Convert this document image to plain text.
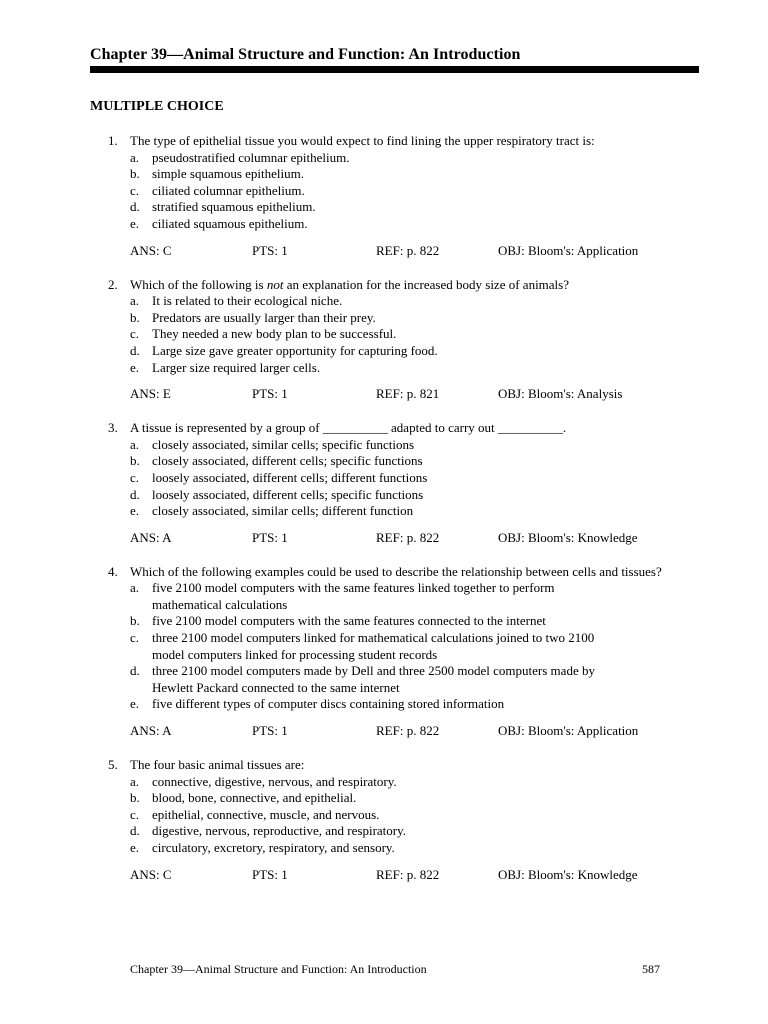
Chapter 39—Animal Structure and Function: An Introduction
MULTIPLE CHOICE
1. The type of epithelial tissue you would expect to find lining the upper respiratory tract is:
a. pseudostratified columnar epithelium.
b. simple squamous epithelium.
c. ciliated columnar epithelium.
d. stratified squamous epithelium.
e. ciliated squamous epithelium.
ANS: C	PTS: 1	REF: p. 822	OBJ: Bloom's: Application
2. Which of the following is not an explanation for the increased body size of animals?
a. It is related to their ecological niche.
b. Predators are usually larger than their prey.
c. They needed a new body plan to be successful.
d. Large size gave greater opportunity for capturing food.
e. Larger size required larger cells.
ANS: E	PTS: 1	REF: p. 821	OBJ: Bloom's: Analysis
3. A tissue is represented by a group of __________ adapted to carry out __________.
a. closely associated, similar cells; specific functions
b. closely associated, different cells; specific functions
c. loosely associated, different cells; different functions
d. loosely associated, different cells; specific functions
e. closely associated, similar cells; different function
ANS: A	PTS: 1	REF: p. 822	OBJ: Bloom's: Knowledge
4. Which of the following examples could be used to describe the relationship between cells and tissues?
a. five 2100 model computers with the same features linked together to perform
mathematical calculations
b. five 2100 model computers with the same features connected to the internet
c. three 2100 model computers linked for mathematical calculations joined to two 2100
model computers linked for processing student records
d. three 2100 model computers made by Dell and three 2500 model computers made by
Hewlett Packard connected to the same internet
e. five different types of computer discs containing stored information
ANS: A	PTS: 1	REF: p. 822	OBJ: Bloom's: Application
5. The four basic animal tissues are:
a. connective, digestive, nervous, and respiratory.
b. blood, bone, connective, and epithelial.
c. epithelial, connective, muscle, and nervous.
d. digestive, nervous, reproductive, and respiratory.
e. circulatory, excretory, respiratory, and sensory.
ANS: C	PTS: 1	REF: p. 822	OBJ: Bloom's: Knowledge
Chapter 39—Animal Structure and Function: An Introduction	587
